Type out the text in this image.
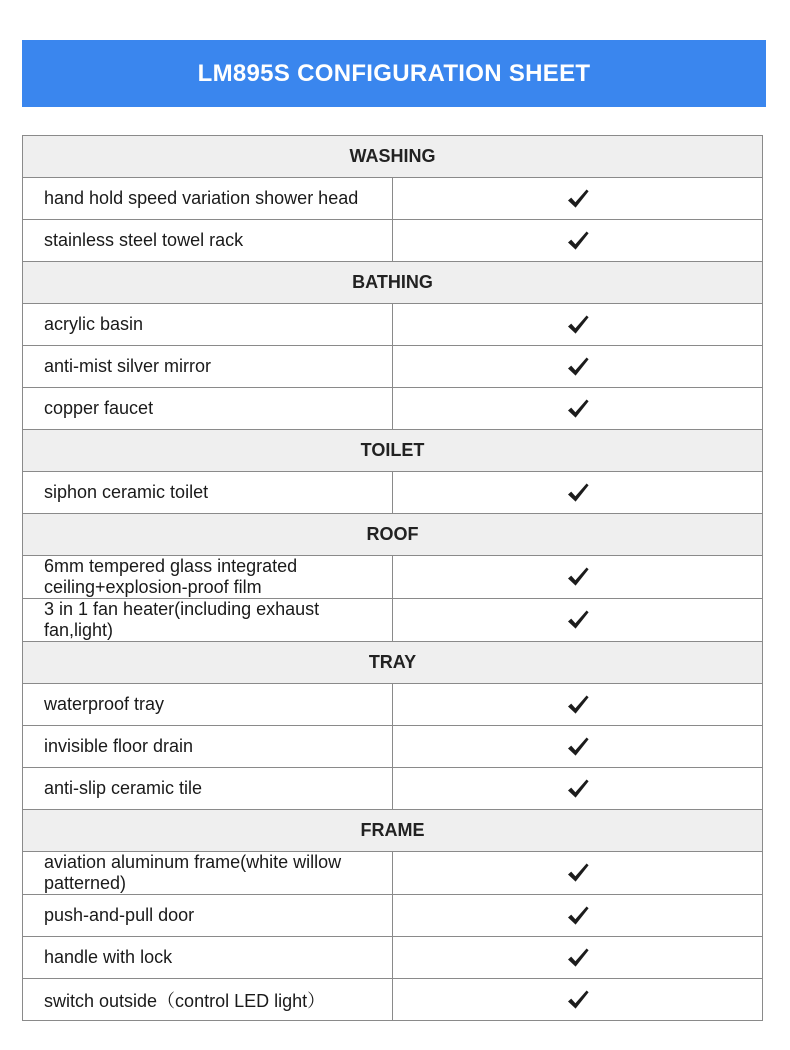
LM895S CONFIGURATION SHEET
WASHING	
hand hold speed variation shower head	

stainless steel towel rack	

BATHING	
acrylic basin	

anti-mist silver mirror	

copper faucet	

TOILET	
siphon ceramic toilet	

ROOF	
6mm tempered glass integrated ceiling+explosion-proof film	

3 in 1 fan heater(including exhaust fan,light)	

TRAY	
waterproof tray	

invisible floor drain	

anti-slip ceramic tile	

FRAME	
aviation aluminum frame(white willow patterned)	

push-and-pull door	

handle with lock	

switch outside（control LED light）	
